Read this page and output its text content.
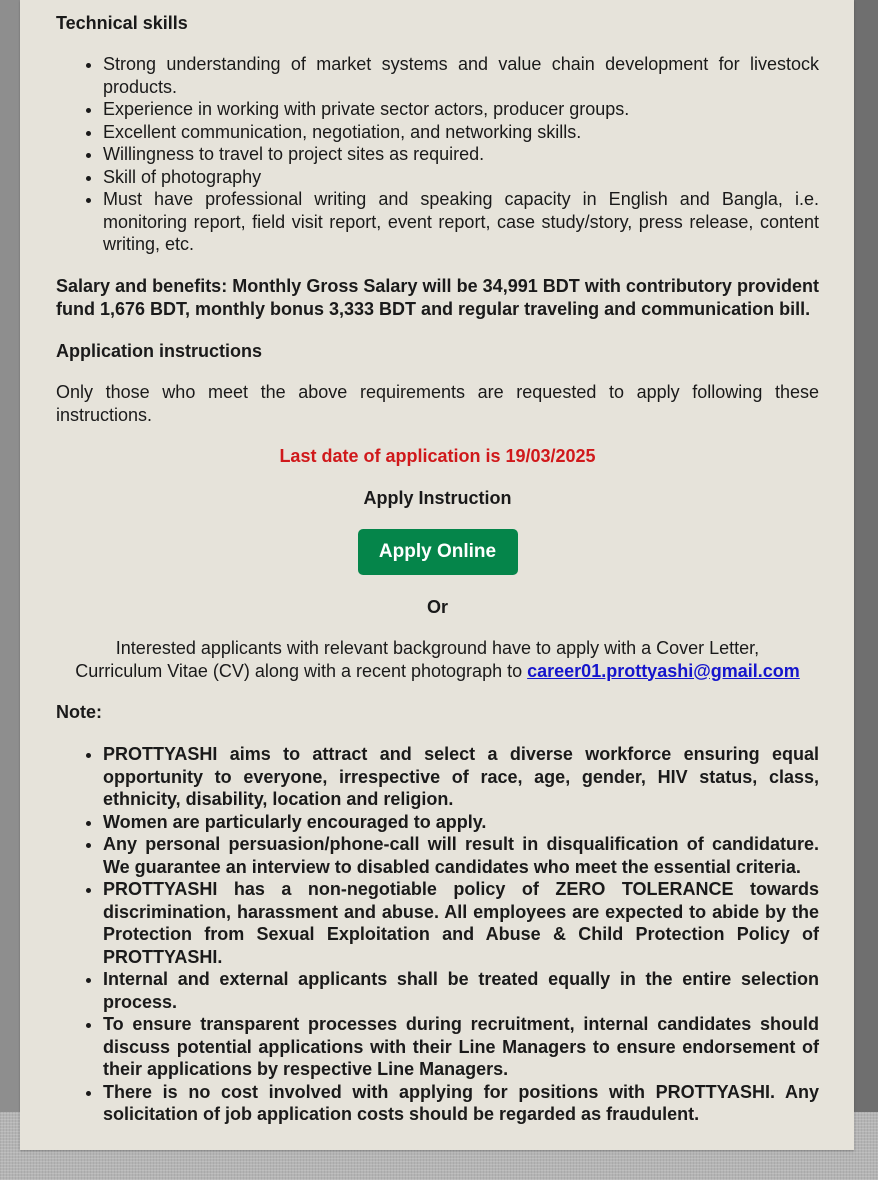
Technical skills
• Strong understanding of market systems and value chain development for livestock products.
• Experience in working with private sector actors, producer groups.
• Excellent communication, negotiation, and networking skills.
• Willingness to travel to project sites as required.
• Skill of photography
• Must have professional writing and speaking capacity in English and Bangla, i.e. monitoring report, field visit report, event report, case study/story, press release, content writing, etc.

Salary and benefits: Monthly Gross Salary will be 34,991 BDT with contributory provident fund 1,676 BDT, monthly bonus 3,333 BDT and regular traveling and communication bill.

Application instructions

Only those who meet the above requirements are requested to apply following these instructions.

Last date of application is 19/03/2025
Apply Instruction
Apply Online
Or
Interested applicants with relevant background have to apply with a Cover Letter,
Curriculum Vitae (CV) along with a recent photograph to career01.prottyashi@gmail.com
Note:
• PROTTYASHI aims to attract and select a diverse workforce ensuring equal opportunity to everyone, irrespective of race, age, gender, HIV status, class, ethnicity, disability, location and religion.
• Women are particularly encouraged to apply.
• Any personal persuasion/phone-call will result in disqualification of candidature. We guarantee an interview to disabled candidates who meet the essential criteria.
• PROTTYASHI has a non-negotiable policy of ZERO TOLERANCE towards discrimination, harassment and abuse. All employees are expected to abide by the Protection from Sexual Exploitation and Abuse & Child Protection Policy of PROTTYASHI.
• Internal and external applicants shall be treated equally in the entire selection process.
• To ensure transparent processes during recruitment, internal candidates should discuss potential applications with their Line Managers to ensure endorsement of their applications by respective Line Managers.
• There is no cost involved with applying for positions with PROTTYASHI. Any solicitation of job application costs should be regarded as fraudulent.
